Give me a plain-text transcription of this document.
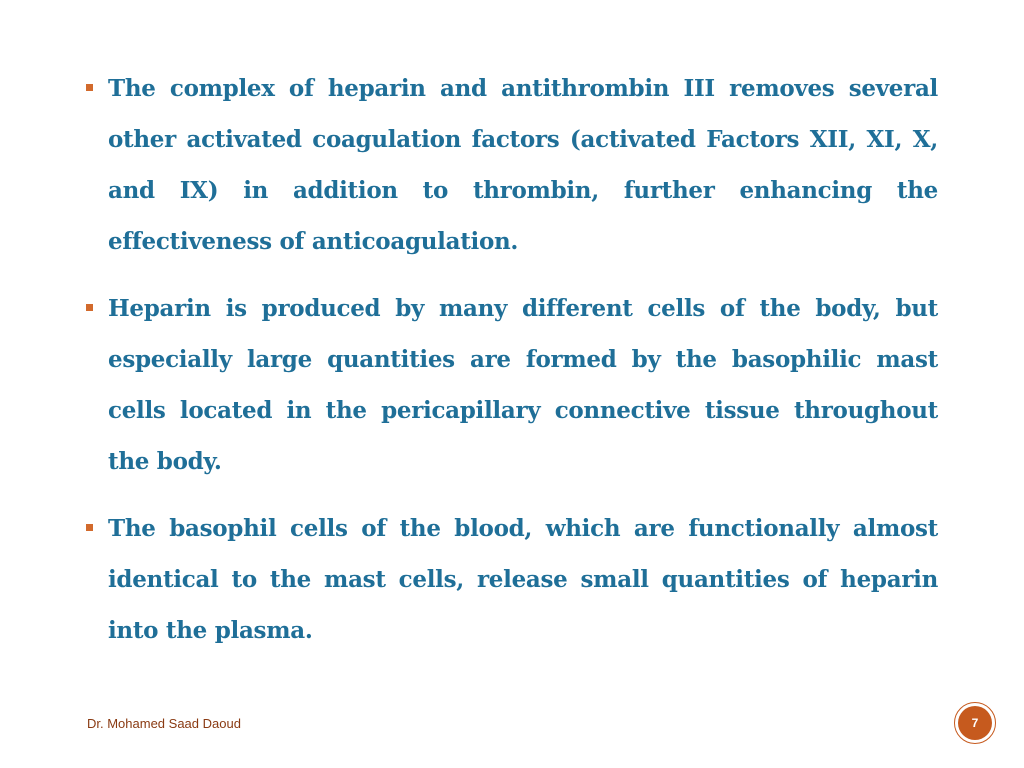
The complex of heparin and antithrombin III removes several other activated coagulation factors (activated Factors XII, XI, X, and IX) in addition to thrombin, further enhancing the effectiveness of anticoagulation.
Heparin is produced by many different cells of the body, but especially large quantities are formed by the basophilic mast cells located in the pericapillary connective tissue throughout the body.
The basophil cells of the blood, which are functionally almost identical to the mast cells, release small quantities of heparin into the plasma.
Dr. Mohamed Saad Daoud	7
